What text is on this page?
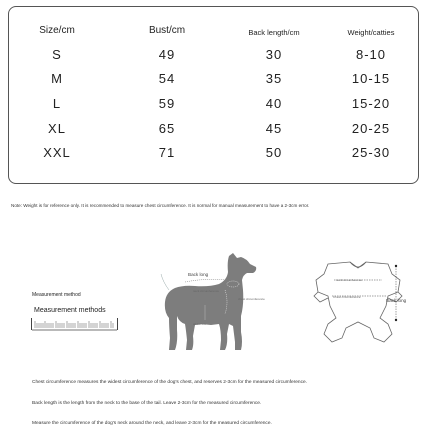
Size/cm	Bust/cm	Back length/cm	Weight/catties
S	49	30	8-10
M	54	35	10-15
L	59	40	15-20
XL	65	45	20-25
XXL	71	50	25-30
Note: Weight is for reference only. It is recommended to measure chest circumference. It is normal for manual measurement to have a 2-3cm error.
Measurement method
Measurement methods
Back long
neck circumference
chest circumference
abdomen
neck circumference
Chest circumference
Back long
Chest circumference measures the widest circumference of the dog's chest, and reserves 2-3cm for the measured circumference.
Back length is the length from the neck to the base of the tail. Leave 2-3cm for the measured circumference.
Measure the circumference of the dog's neck around the neck, and leave 2-3cm for the measured circumference.
